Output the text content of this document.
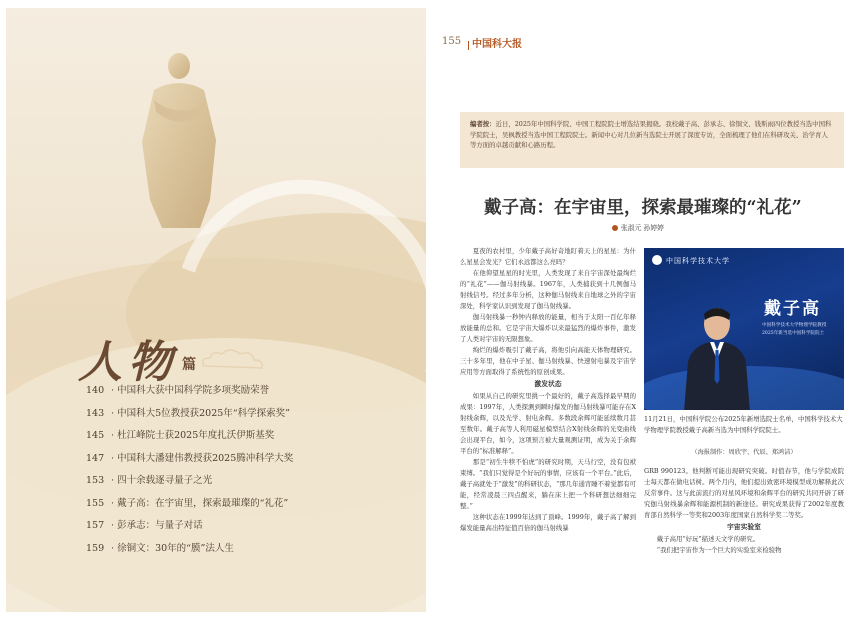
人物 篇
140 · 中国科大获中国科学院多项奖励荣誉
143 · 中国科大5位教授获2025年“科学探索奖”
145 · 杜江峰院士获2025年度扎沃伊斯基奖
147 · 中国科大潘建伟教授获2025腾冲科学大奖
153 · 四十余载逐寻量子之光
155 · 戴子高：在宇宙里，探索最璀璨的“礼花”
157 · 彭承志：与量子对话
159 · 徐铜文：30年的“膜”法人生
155 中国科大报
编者按：近日，2025年中国科学院、中国工程院院士增选结果揭晓。我校戴子高、彭承志、徐铜文、钱斯雨四位教授当选中国科学院院士，吴枫教授当选中国工程院院士。新闻中心对几位新当选院士开展了深度专访，全面梳理了他们在科研攻关、治学育人等方面的卓越贡献和心路历程。
戴子高：在宇宙里，探索最璀璨的“礼花”
张淑元 孙婷婷

夏夜的农村里，少年戴子高好奇地盯着天上的星星：为什么星星会发光？它们永远都这么亮吗？

在他仰望星星的时光里，人类发现了来自宇宙深处最绚烂的“礼花”——伽马射线暴。1967年，人类捕获到十几例伽马射线信号。经过多年分析，这种伽马射线来自地球之外的宇宙深处，科学家认识到发现了伽马射线暴。

伽马射线暴一秒钟内释放的能量，相当于太阳一百亿年释放能量的总和。它是宇宙大爆炸以来最猛烈的爆炸事件，激发了人类对宇宙的无限想象。

绚烂的爆炸吸引了戴子高，将他引向高能天体物理研究。三十多年里，他在中子星、伽马射线暴、快速射电暴及宇宙学应用等方面取得了系统性的原创成果。

激发状态

如果从自己的研究里挑一个最好的，戴子高选择最早期的成果：1997年，人类探测到瞬时爆发的伽马射线暴可能存在X射线余辉，以及光学、射电余辉。多数段余辉可能延续数月甚至数年。戴子高等人利用磁星模型结合X射线余辉的光变曲线会出现平台，如今，这项预言被大量观测证明，成为关于余辉平台的“标准解释”。

那是“初生牛犊不怕虎”的研究时期，天马行空，没有包袱束缚。“我们只觉得是个好玩的事情，应该有一个平台。”此后，戴子高就处于“激发”的科研状态，“那几年通宵睡不着觉都有可能，经常凌晨三四点醒来，躺在床上把一个科研想法细细完整。”

这种状态在1999年达到了顶峰。1999年，戴子高了解到爆发能量高出特征值百倍的伽马射线暴

中国科学技术大学
戴子高
中国科学技术大学物理学院教授
2025年新当选中国科学院院士
11月21日，中国科学院公布2025年新增选院士名单，中国科学技术大学物理学院教授戴子高新当选为中国科学院院士。
（海报制作：周欣宇、代辰、郑鸿洁）

GRB 990123。他判断可能出现研究突破。时值春节，他与学院成院士每天都在做电话树。两个月内，他们提出致密环境模型成功解释此次反常事件。这与此前流行的对星风环境和余辉平台的研究共同开辟了研究伽马射线暴余辉和能源机制的新途径。研究成果获得了2002年度教育部自然科学一等奖和2003年度国家自然科学奖二等奖。

宇宙实验室

戴子高用“好玩”描述天文学的研究。

“我们把宇宙作为一个巨大的实验室来检验物
